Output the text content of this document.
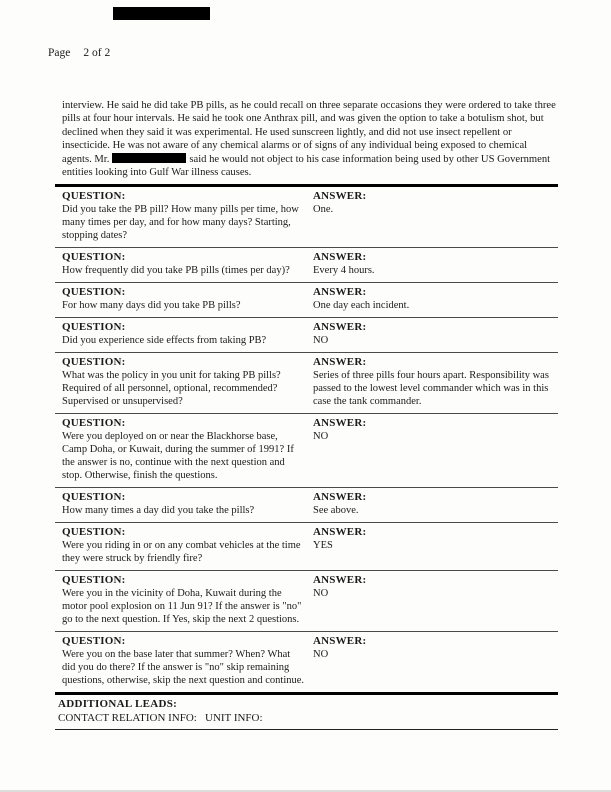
Page 2 of 2
interview. He said he did take PB pills, as he could recall on three separate occasions they were ordered to take three pills at four hour intervals. He said he took one Anthrax pill, and was given the option to take a botulism shot, but declined when they said it was experimental. He used sunscreen lightly, and did not use insect repellent or insecticide. He was not aware of any chemical alarms or of signs of any individual being exposed to chemical agents. Mr.	said he would not object to his case information being used by other US Government entities looking into Gulf War illness causes.
QUESTION:
Did you take the PB pill? How many pills per time, how many times per day, and for how many days? Starting, stopping dates?
ANSWER:
One.
QUESTION:
How frequently did you take PB pills (times per day)?
ANSWER:
Every 4 hours.
QUESTION:
For how many days did you take PB pills?
ANSWER:
One day each incident.
QUESTION:
Did you experience side effects from taking PB?
ANSWER:
NO
QUESTION:
What was the policy in you unit for taking PB pills? Required of all personnel, optional, recommended? Supervised or unsupervised?
ANSWER:
Series of three pills four hours apart. Responsibility was passed to the lowest level commander which was in this case the tank commander.
QUESTION:
Were you deployed on or near the Blackhorse base, Camp Doha, or Kuwait, during the summer of 1991? If the answer is no, continue with the next question and stop. Otherwise, finish the questions.
ANSWER:
NO
QUESTION:
How many times a day did you take the pills?
ANSWER:
See above.
QUESTION:
Were you riding in or on any combat vehicles at the time they were struck by friendly fire?
ANSWER:
YES
QUESTION:
Were you in the vicinity of Doha, Kuwait during the motor pool explosion on 11 Jun 91? If the answer is "no" go to the next question. If Yes, skip the next 2 questions.
ANSWER:
NO
QUESTION:
Were you on the base later that summer? When? What did you do there? If the answer is "no" skip remaining questions, otherwise, skip the next question and continue.
ANSWER:
NO
ADDITIONAL LEADS:
CONTACT RELATION INFO: UNIT INFO:
